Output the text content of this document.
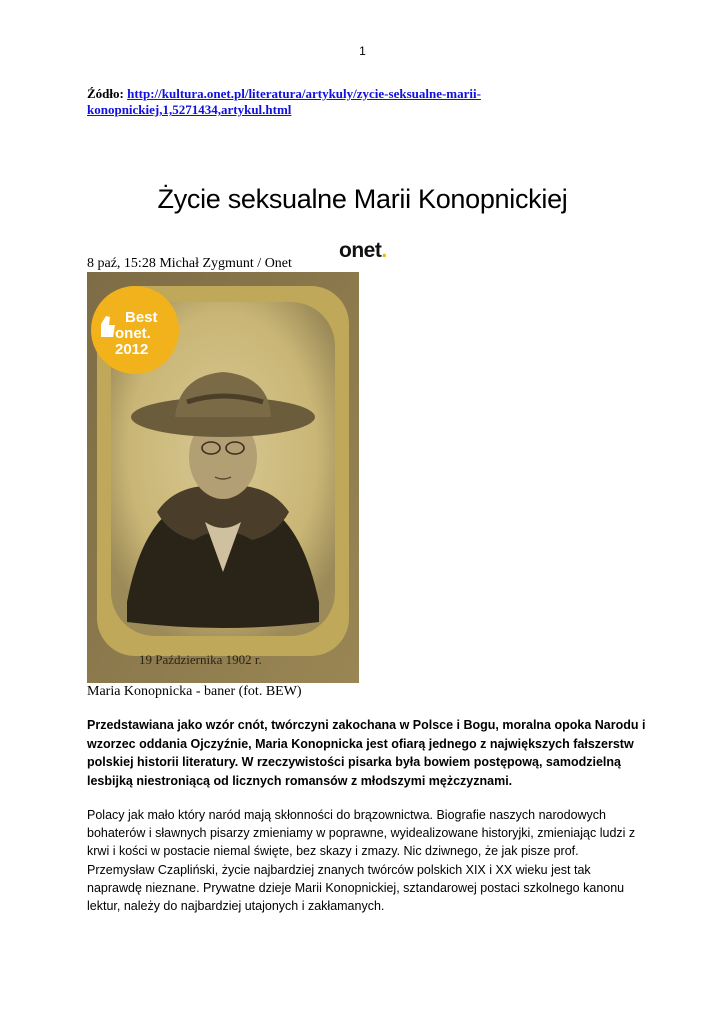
1
Źódło: http://kultura.onet.pl/literatura/artykuly/zycie-seksualne-marii-konopnickiej,1,5271434,artykul.html
Życie seksualne Marii Konopnickiej
8 paź, 15:28 Michał Zygmunt / Onet
onet.
Best
onet.
2012
19 Października 1902 r.
Maria Konopnicka - baner (fot. BEW)

Przedstawiana jako wzór cnót, twórczyni zakochana w Polsce i Bogu, moralna opoka Narodu i wzorzec oddania Ojczyźnie, Maria Konopnicka jest ofiarą jednego z największych fałszerstw polskiej historii literatury. W rzeczywistości pisarka była bowiem postępową, samodzielną lesbijką niestroniącą od licznych romansów z młodszymi mężczyznami.

Polacy jak mało który naród mają skłonności do brązownictwa. Biografie naszych narodowych bohaterów i sławnych pisarzy zmieniamy w poprawne, wyidealizowane historyjki, zmieniając ludzi z krwi i kości w postacie niemal święte, bez skazy i zmazy. Nic dziwnego, że jak pisze prof. Przemysław Czapliński, życie najbardziej znanych twórców polskich XIX i XX wieku jest tak naprawdę nieznane. Prywatne dzieje Marii Konopnickiej, sztandarowej postaci szkolnego kanonu lektur, należy do najbardziej utajonych i zakłamanych.
